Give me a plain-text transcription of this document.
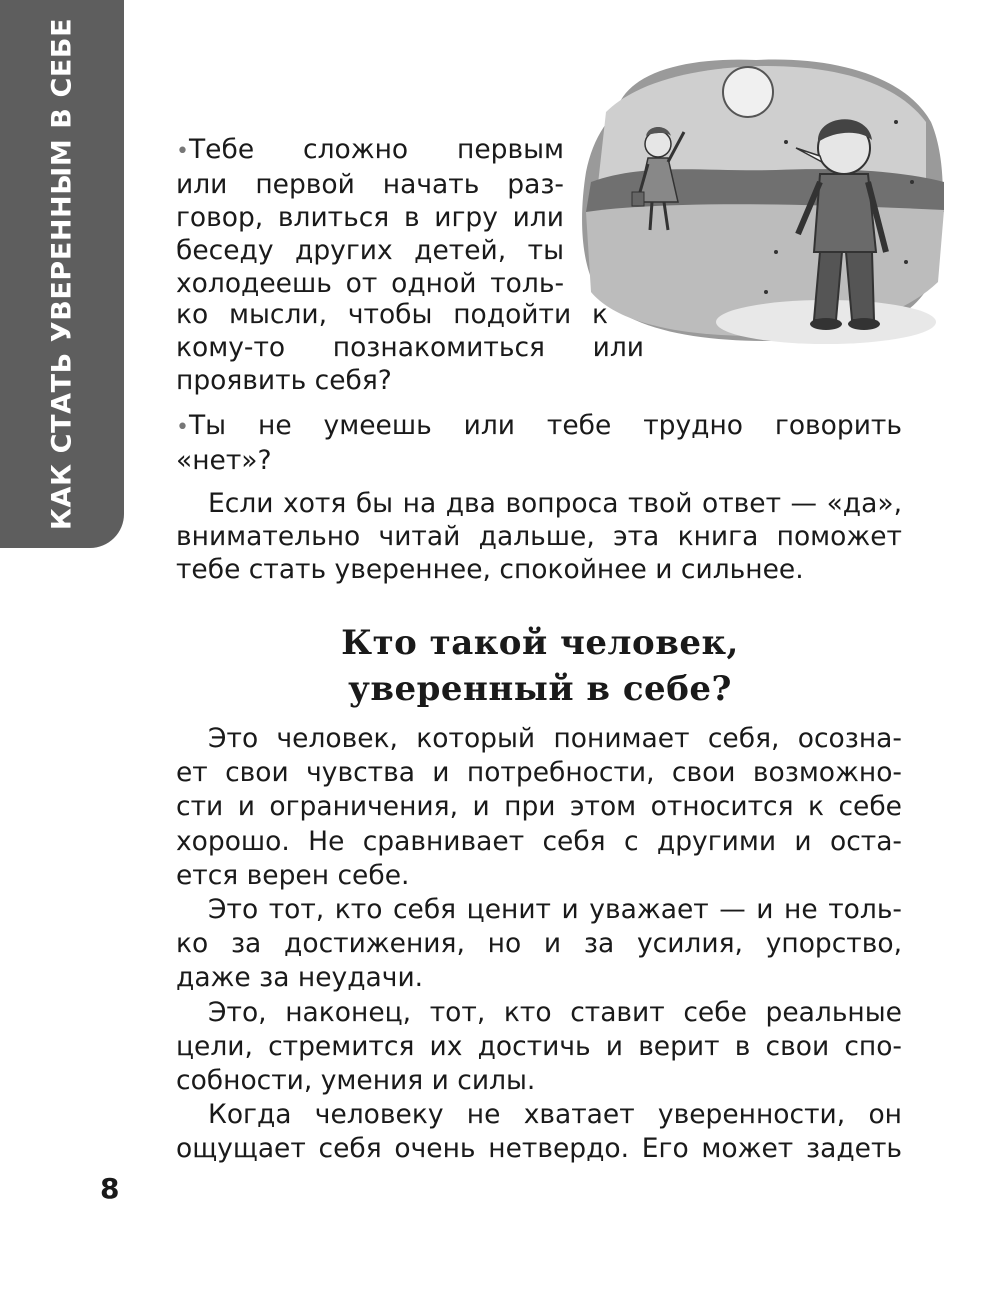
КАК СТАТЬ УВЕРЕННЫМ В СЕБЕ	•Тебе сложно первым
или первой начать раз-
говор, влиться в игру или
беседу других детей, ты
холодеешь от одной толь-
ко мысли, чтобы подойти к
кому-то познакомиться или
проявить себя?
•Ты не умеешь или тебе трудно говорить
«нет»?
Если хотя бы на два вопроса твой ответ — «да»,
внимательно читай дальше, эта книга поможет
тебе стать увереннее, спокойнее и сильнее.
Кто такой человек,
уверенный в себе?
Это человек, который понимает себя, осозна-
ет свои чувства и потребности, свои возможно-
сти и ограничения, и при этом относится к себе
хорошо. Не сравнивает себя с другими и оста-
ется верен себе.
Это тот, кто себя ценит и уважает — и не толь-
ко за достижения, но и за усилия, упорство,
даже за неудачи.
Это, наконец, тот, кто ставит себе реальные
цели, стремится их достичь и верит в свои спо-
собности, умения и силы.
Когда человеку не хватает уверенности, он
ощущает себя очень нетвердо. Его может задеть
8
